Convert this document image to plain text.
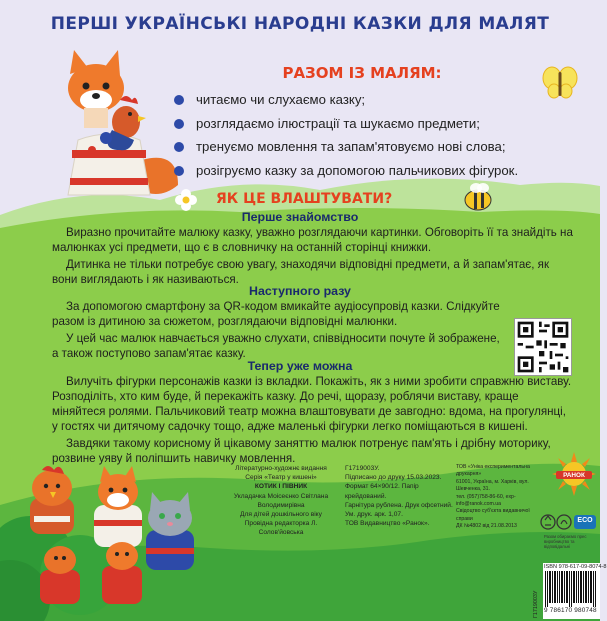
ПЕРШІ УКРАЇНСЬКІ НАРОДНІ КАЗКИ ДЛЯ МАЛЯТ
РАЗОМ ІЗ МАЛЯМ:
читаємо чи слухаємо казку;
розглядаємо ілюстрації та шукаємо предмети;
тренуємо мовлення та запам'ятовуємо нові слова;
розігруємо казку за допомогою пальчикових фігурок.
ЯК ЦЕ ВЛАШТУВАТИ?
Перше знайомство
Виразно прочитайте малюку казку, уважно розглядаючи картинки. Обговоріть її та знайдіть на малюнках усі предмети, що є в словничку на останній сторінці книжки.
Дитинка не тільки потребує свою увагу, знаходячи відповідні предмети, а й запам'ятає, як вони виглядають і як називаються.
Наступного разу
За допомогою смартфону за QR-кодом вмикайте аудіосупровід казки. Слідкуйте разом із дитиною за сюжетом, розглядаючи відповідні малюнки.
У цей час малюк навчається уважно слухати, співвідносити почуте й зображене, а також поступово запам'ятає казку.
Тепер уже можна
Вилучіть фігурки персонажів казки із вкладки. Покажіть, як з ними зробити справжню виставу. Розподіліть, хто ким буде, й перекажіть казку. До речі, щоразу, роблячи виставу, краще міняйтеся ролями. Пальчиковий театр можна влаштовувати де завгодно: вдома, на прогулянці, у гостях чи дитячому садочку тощо, адже маленькі фігурки легко поміщаються в кишені.
Завдяки такому корисному й цікавому заняттю малюк потренує пам'ять і дрібну моторику, розвине уяву й поліпшить навичку мовлення.
Літературно-художнє видання
Серія «Театр у кишені»
КОТИК І ПІВНИК
Укладачка Моісеєнко Світлана Володимирівна
Для дітей дошкільного віку
Провідна редакторка Л. Солов'йовська
Г1719003У.
Підписано до друку 15.03.2023.
Формат 64×90/12. Папір крейдований.
Гарнітура рублена. Друк офсетний.
Ум. друк. арк. 1,07.
ТОВ Видавництво «Ранок».
ТОВ «Уніка експериментальна друкарня»
61001, Україна, м. Харків, вул. Шевченка, 31.
тел. (057)758-86-60, exp-info@ranok.com.ua
Свідоцтво суб'єкта видавничої справи
ДК №4802 від 21.08.2013
РАНОК
ECO
Разом обираємо прес виробництво та відповідальні
ISBN 978-617-09-8074-8
9 786170 980748
Г1719003У
